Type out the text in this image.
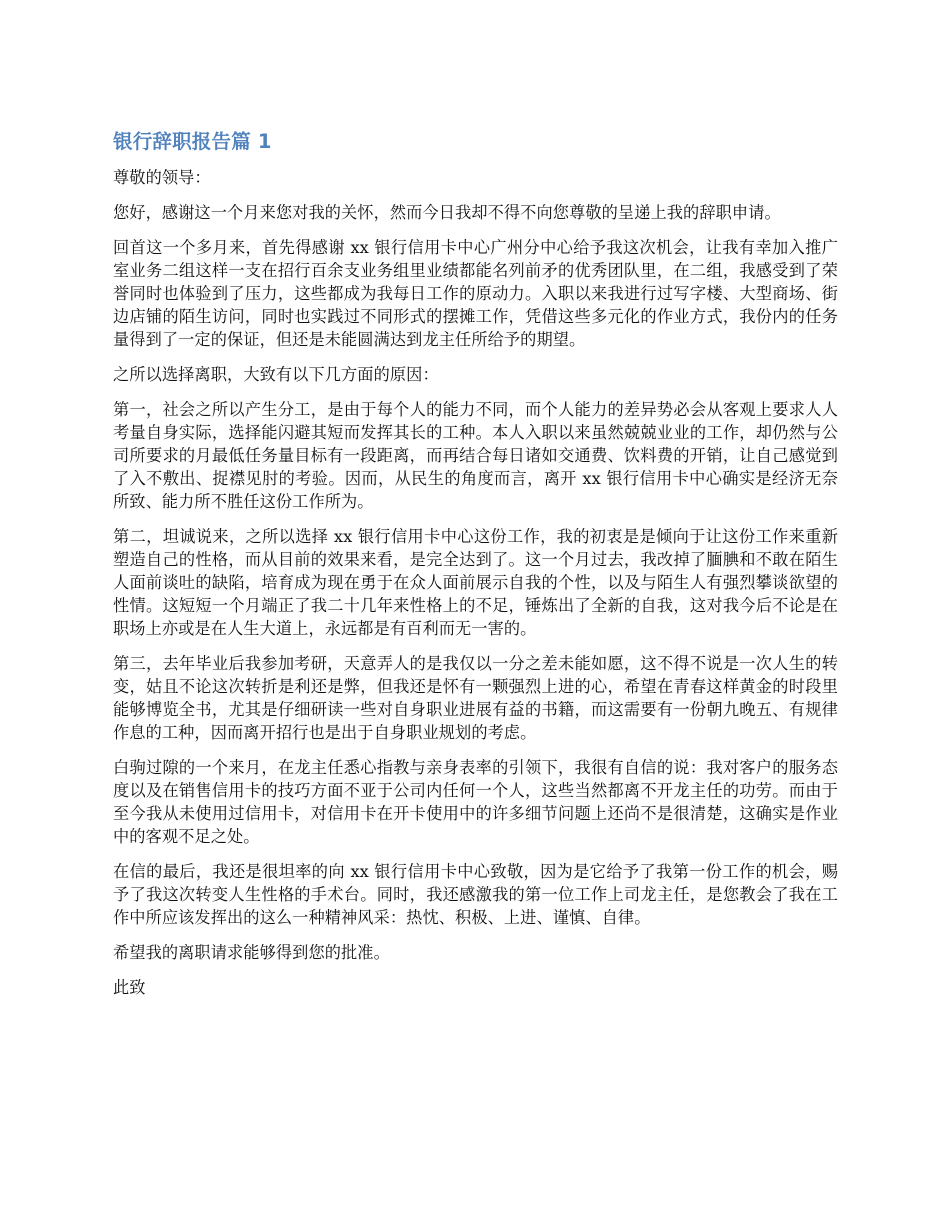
银行辞职报告篇 1

尊敬的领导：

您好，感谢这一个月来您对我的关怀，然而今日我却不得不向您尊敬的呈递上我的辞职申请。

回首这一个多月来，首先得感谢 xx 银行信用卡中心广州分中心给予我这次机会，让我有幸加入推广室业务二组这样一支在招行百余支业务组里业绩都能名列前矛的优秀团队里，在二组，我感受到了荣誉同时也体验到了压力，这些都成为我每日工作的原动力。入职以来我进行过写字楼、大型商场、街边店铺的陌生访问，同时也实践过不同形式的摆摊工作，凭借这些多元化的作业方式，我份内的任务量得到了一定的保证，但还是未能圆满达到龙主任所给予的期望。

之所以选择离职，大致有以下几方面的原因：

第一，社会之所以产生分工，是由于每个人的能力不同，而个人能力的差异势必会从客观上要求人人考量自身实际，选择能闪避其短而发挥其长的工种。本人入职以来虽然兢兢业业的工作，却仍然与公司所要求的月最低任务量目标有一段距离，而再结合每日诸如交通费、饮料费的开销，让自己感觉到了入不敷出、捉襟见肘的考验。因而，从民生的角度而言，离开 xx 银行信用卡中心确实是经济无奈所致、能力所不胜任这份工作所为。

第二，坦诚说来，之所以选择 xx 银行信用卡中心这份工作，我的初衷是是倾向于让这份工作来重新塑造自己的性格，而从目前的效果来看，是完全达到了。这一个月过去，我改掉了腼腆和不敢在陌生人面前谈吐的缺陷，培育成为现在勇于在众人面前展示自我的个性，以及与陌生人有强烈攀谈欲望的性情。这短短一个月端正了我二十几年来性格上的不足，锤炼出了全新的自我，这对我今后不论是在职场上亦或是在人生大道上，永远都是有百利而无一害的。

第三，去年毕业后我参加考研，天意弄人的是我仅以一分之差未能如愿，这不得不说是一次人生的转变，姑且不论这次转折是利还是弊，但我还是怀有一颗强烈上进的心，希望在青春这样黄金的时段里能够博览全书，尤其是仔细研读一些对自身职业进展有益的书籍，而这需要有一份朝九晚五、有规律作息的工种，因而离开招行也是出于自身职业规划的考虑。

白驹过隙的一个来月，在龙主任悉心指教与亲身表率的引领下，我很有自信的说：我对客户的服务态度以及在销售信用卡的技巧方面不亚于公司内任何一个人，这些当然都离不开龙主任的功劳。而由于至今我从未使用过信用卡，对信用卡在开卡使用中的许多细节问题上还尚不是很清楚，这确实是作业中的客观不足之处。

在信的最后，我还是很坦率的向 xx 银行信用卡中心致敬，因为是它给予了我第一份工作的机会，赐予了我这次转变人生性格的手术台。同时，我还感激我的第一位工作上司龙主任，是您教会了我在工作中所应该发挥出的这么一种精神风采：热忱、积极、上进、谨慎、自律。

希望我的离职请求能够得到您的批准。

此致
